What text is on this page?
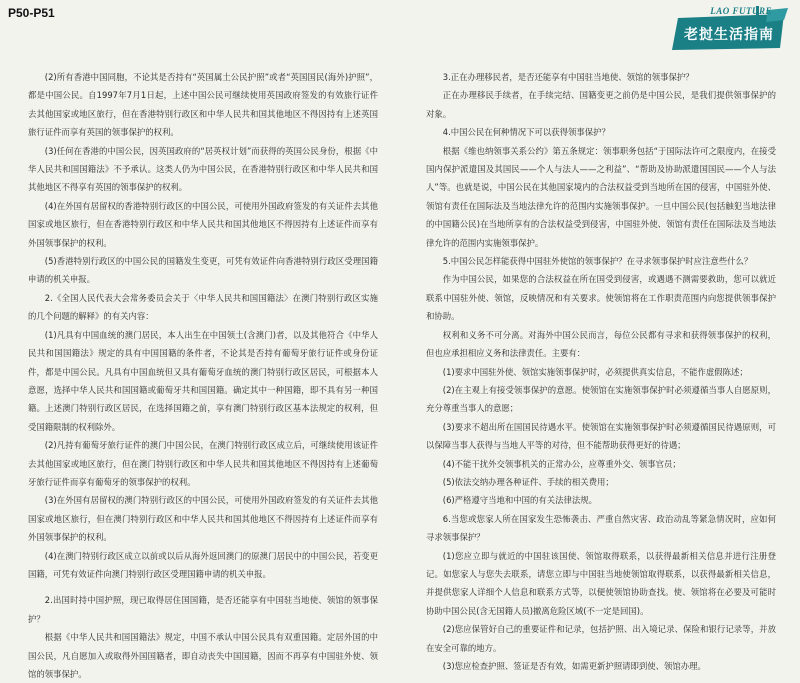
P50-P51	LAO FUTURE
老挝生活指南

(2)所有香港中国同胞，不论其是否持有“英国属土公民护照”或者“英国国民(海外)护照”，都是中国公民。自1997年7月1日起，上述中国公民可继续使用英国政府签发的有效旅行证件去其他国家或地区旅行，但在香港特别行政区和中华人民共和国其他地区不得因持有上述英国旅行证件而享有英国的领事保护的权利。

(3)任何在香港的中国公民，因英国政府的“居英权计划”而获得的英国公民身份，根据《中华人民共和国国籍法》不予承认。这类人仍为中国公民，在香港特别行政区和中华人民共和国其他地区不得享有英国的领事保护的权利。

(4)在外国有居留权的香港特别行政区的中国公民，可使用外国政府签发的有关证件去其他国家或地区旅行，但在香港特别行政区和中华人民共和国其他地区不得因持有上述证件而享有外国领事保护的权利。

(5)香港特别行政区的中国公民的国籍发生变更，可凭有效证件向香港特别行政区受理国籍申请的机关申报。

2.《全国人民代表大会常务委员会关于〈中华人民共和国国籍法〉在澳门特别行政区实施的几个问题的解释》的有关内容：

(1)凡具有中国血统的澳门居民，本人出生在中国领土(含澳门)者，以及其他符合《中华人民共和国国籍法》规定的具有中国国籍的条件者，不论其是否持有葡萄牙旅行证件或身份证件，都是中国公民。凡具有中国血统但又具有葡萄牙血统的澳门特别行政区居民，可根据本人意愿，选择中华人民共和国国籍或葡萄牙共和国国籍。确定其中一种国籍，即不具有另一种国籍。上述澳门特别行政区居民，在选择国籍之前，享有澳门特别行政区基本法规定的权利，但受国籍限制的权利除外。

(2)凡持有葡萄牙旅行证件的澳门中国公民，在澳门特别行政区成立后，可继续使用该证件去其他国家或地区旅行，但在澳门特别行政区和中华人民共和国其他地区不得因持有上述葡萄牙旅行证件而享有葡萄牙的领事保护的权利。

(3)在外国有居留权的澳门特别行政区的中国公民，可使用外国政府签发的有关证件去其他国家或地区旅行，但在澳门特别行政区和中华人民共和国其他地区不得因持有上述证件而享有外国领事保护的权利。

(4)在澳门特别行政区成立以前或以后从海外返回澳门的原澳门居民中的中国公民，若变更国籍，可凭有效证件向澳门特别行政区受理国籍申请的机关申报。

2.出国时持中国护照，现已取得居住国国籍，是否还能享有中国驻当地使、领馆的领事保护？

根据《中华人民共和国国籍法》规定，中国不承认中国公民具有双重国籍。定居外国的中国公民，凡自愿加入或取得外国国籍者，即自动丧失中国国籍，因而不再享有中国驻外使、领馆的领事保护。

3.正在办理移民者，是否还能享有中国驻当地使、领馆的领事保护？

正在办理移民手续者，在手续完结、国籍变更之前仍是中国公民，是我们提供领事保护的对象。

4.中国公民在何种情况下可以获得领事保护？

根据《维也纳领事关系公约》第五条规定：领事职务包括“于国际法许可之限度内，在接受国内保护派遣国及其国民——个人与法人——之利益”、“帮助及协助派遣国国民——个人与法人”等。也就是说，中国公民在其他国家境内的合法权益受到当地所在国的侵害，中国驻外使、领馆有责任在国际法及当地法律允许的范围内实施领事保护。一旦中国公民(包括触犯当地法律的中国籍公民)在当地所享有的合法权益受到侵害，中国驻外使、领馆有责任在国际法及当地法律允许的范围内实施领事保护。

5.中国公民怎样能获得中国驻外使馆的领事保护？在寻求领事保护时应注意些什么？

作为中国公民，如果您的合法权益在所在国受到侵害，或遇遇不测需要救助，您可以就近联系中国驻外使、领馆，反映情况和有关要求。使领馆将在工作职责范围内向您提供领事保护和协助。

权利和义务不可分离。对海外中国公民而言，每位公民都有寻求和获得领事保护的权利，但也应承担相应义务和法律责任。主要有：

(1)要求中国驻外使、领馆实施领事保护时，必须提供真实信息，不能作虚假陈述；

(2)在主观上有接受领事保护的意愿。使领馆在实施领事保护时必须遵循当事人自愿原则，充分尊重当事人的意愿；

(3)要求不超出所在国国民待遇水平。使领馆在实施领事保护时必须遵循国民待遇原则，可以保障当事人获得与当地人平等的对待，但不能帮助获得更好的待遇；

(4)不能干扰外交领事机关的正常办公，应尊重外交、领事官员；

(5)依法交纳办理各种证件、手续的相关费用；

(6)严格遵守当地和中国的有关法律法规。

6.当您或您家人所在国家发生恐怖袭击、严重自然灾害、政治动乱等紧急情况时，应如何寻求领事保护？

(1)您应立即与就近的中国驻该国使、领馆取得联系，以获得最新相关信息并进行注册登记。如您家人与您失去联系，请您立即与中国驻当地使领馆取得联系，以获得最新相关信息，并提供您家人详细个人信息和联系方式等，以便使领馆协助查找。使、领馆将在必要及可能时协助中国公民(含无国籍人员)撤离危险区域(不一定是回国)。

(2)您应保管好自己的重要证件和记录，包括护照、出入境记录、保险和银行记录等，并放在安全可靠的地方。

(3)您应检查护照、签证是否有效，如需更新护照请即到使、领馆办理。
